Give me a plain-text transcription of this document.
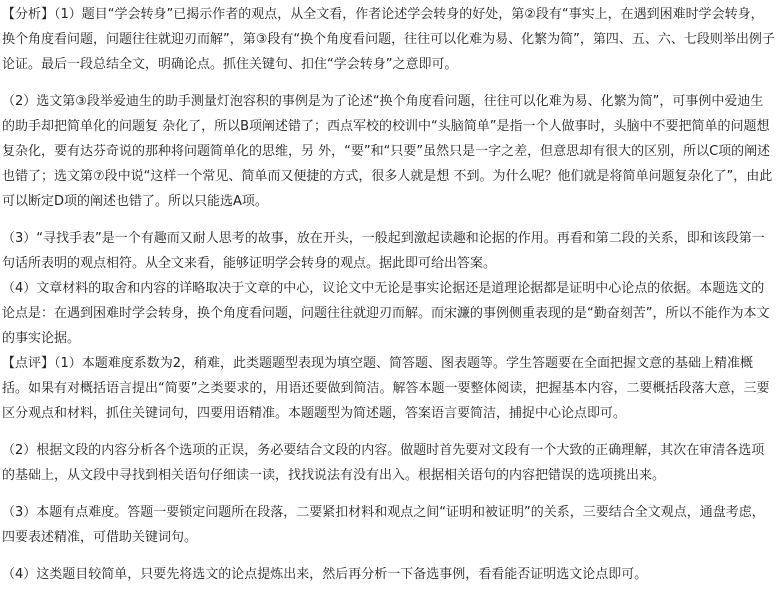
【分析】（1）题目“学会转身”已揭示作者的观点，从全文看，作者论述学会转身的好处，第②段有“事实上，在遇到困难时学会转身，换个角度看问题，问题往往就迎刃而解”，第③段有“换个角度看问题，往往可以化难为易、化繁为简”，第四、五、六、七段则举出例子论证。最后一段总结全文，明确论点。抓住关键句、扣住“学会转身”之意即可。

（2）选文第③段举爱迪生的助手测量灯泡容积的事例是为了论述“换个角度看问题，往往可以化难为易、化繁为简”，可事例中爱迪生的助手却把简单化的问题复 杂化了，所以B项阐述错了；西点军校的校训中“头脑简单”是指一个人做事时，头脑中不要把简单的问题想复杂化，要有达芬奇说的那种将问题简单化的思维，另 外，“要”和“只要”虽然只是一字之差，但意思却有很大的区别，所以C项的阐述也错了；选文第⑦段中说“这样一个常见、简单而又便捷的方式，很多人就是想 不到。为什么呢？他们就是将简单问题复杂化了”，由此可以断定D项的阐述也错了。所以只能选A项。

（3）“寻找手表”是一个有趣而又耐人思考的故事，放在开头，一般起到激起读趣和论据的作用。再看和第二段的关系，即和该段第一句话所表明的观点相符。从全文来看，能够证明学会转身的观点。据此即可给出答案。

（4）文章材料的取舍和内容的详略取决于文章的中心，议论文中无论是事实论据还是道理论据都是证明中心论点的依据。本题选文的论点是：在遇到困难时学会转身，换个角度看问题，问题往往就迎刃而解。而宋濂的事例侧重表现的是“勤奋刻苦”，所以不能作为本文的事实论据。

【点评】（1）本题难度系数为2，稍难，此类题题型表现为填空题、简答题、图表题等。学生答题要在全面把握文意的基础上精准概括。如果有对概括语言提出“简要”之类要求的，用语还要做到简洁。解答本题一要整体阅读，把握基本内容，二要概括段落大意，三要区分观点和材料，抓住关键词句，四要用语精准。本题题型为简述题，答案语言要简洁，捕捉中心论点即可。

（2）根据文段的内容分析各个选项的正误，务必要结合文段的内容。做题时首先要对文段有一个大致的正确理解，其次在审清各选项的基础上，从文段中寻找到相关语句仔细读一读，找找说法有没有出入。根据相关语句的内容把错误的选项挑出来。

（3）本题有点难度。答题一要锁定问题所在段落，二要紧扣材料和观点之间“证明和被证明”的关系，三要结合全文观点，通盘考虑，四要表述精准，可借助关键词句。

（4）这类题目较简单，只要先将选文的论点提炼出来，然后再分析一下备选事例，看看能否证明选文论点即可。
